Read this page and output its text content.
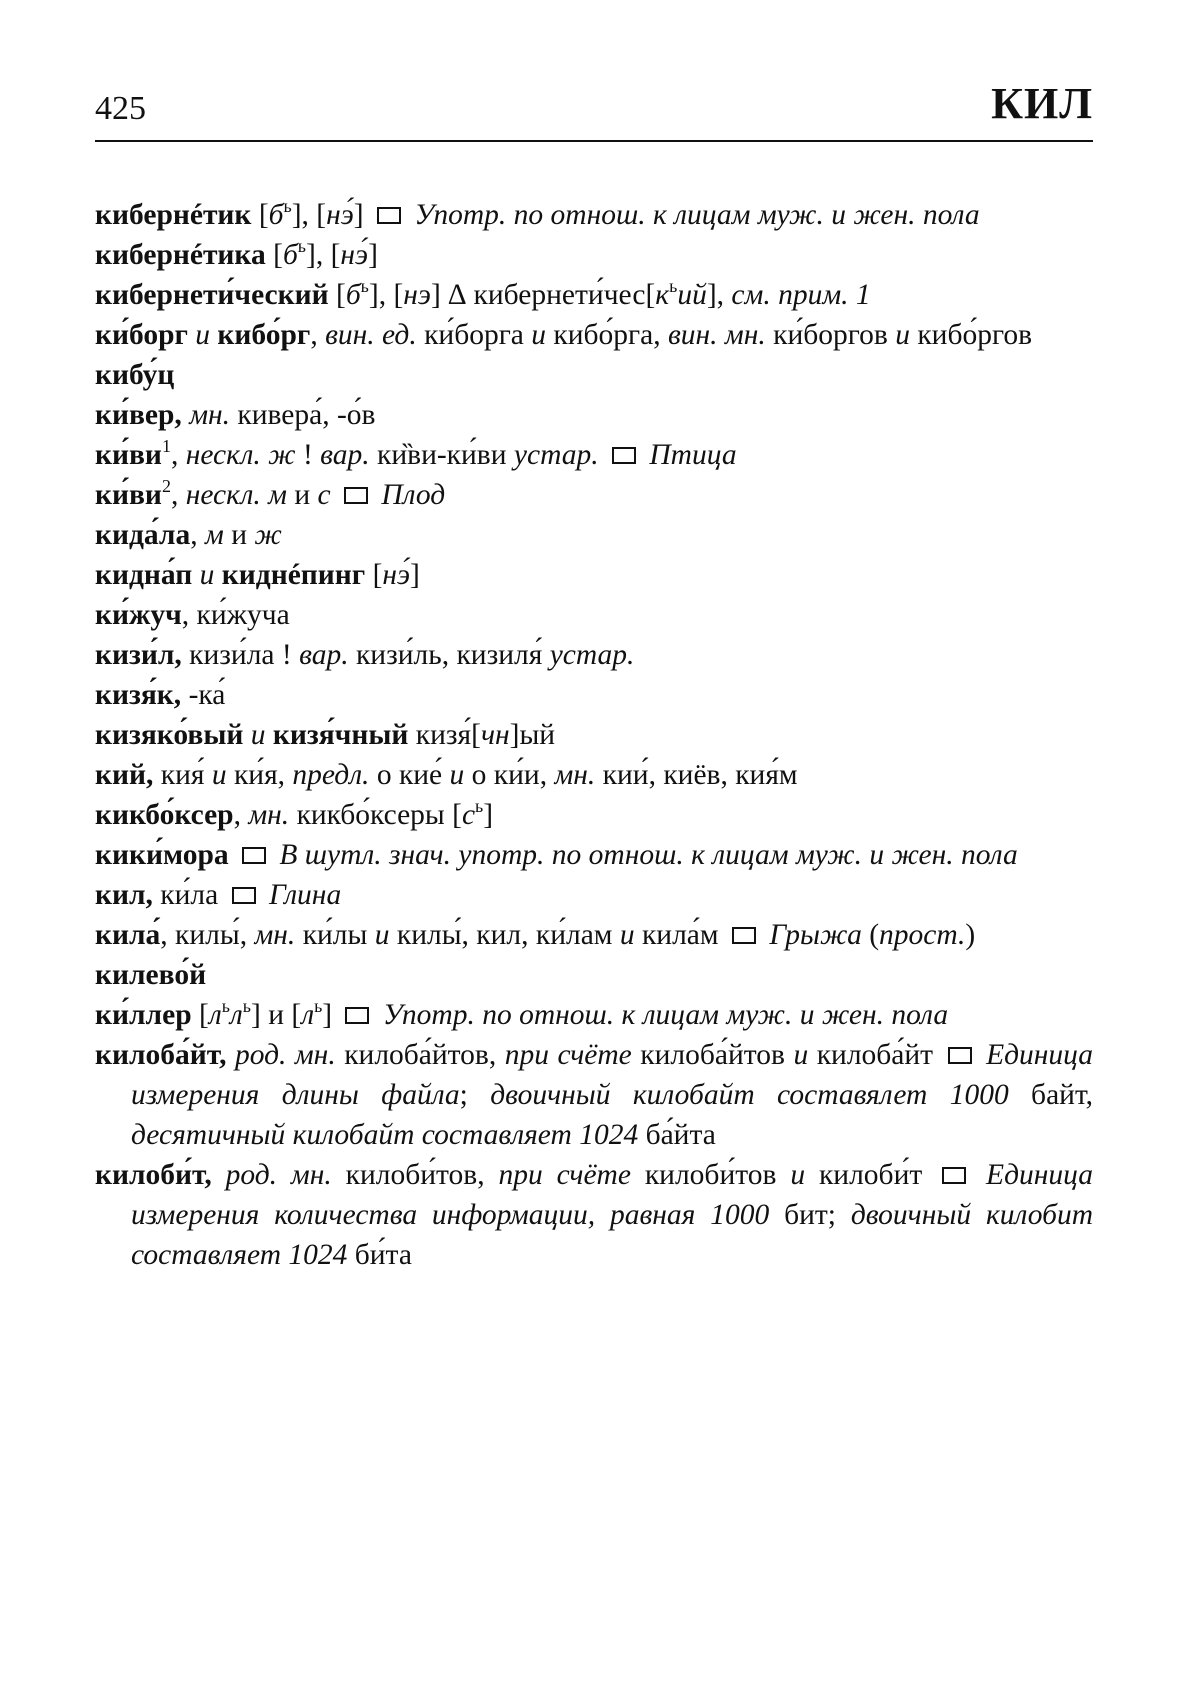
425	КИЛ
кибернéтик $[б^ь]$, [нэ́]  Употр. по отнош. к лицам муж. и жен. пола
кибернéтика $[б^ь]$, [нэ́]
кибернети́ческий $[б^ь]$, [нэ] ∆ $кибернети́чес[к^ьий]$, см. прим. 1
ки́борг и кибо́рг, вин. ед. ки́борга и кибо́рга, вин. мн. ки́боргов и кибо́ргов
кибу́ц
ки́вер, мн. кивера́, -о́в
$ки́ви^1$, нескл. ж ! вар. ки̏ви-ки́ви устар.  Птица
$ки́ви^2$, нескл. м и с  Плод
кида́ла, м и ж
кидна́п и киднéпинг [нэ́]
ки́жуч, ки́жуча
кизи́л, кизи́ла ! вар. кизи́ль, кизиля́ устар.
кизя́к, -ка́
кизяко́вый и кизя́чный кизя́[чн]ый
кий, кия́ и ки́я, предл. о кие́ и о ки́и, мн. кии́, киёв, кия́м
кикбо́ксер, мн. кикбо́ксеры $[с^ь]$
кики́мора  В шутл. знач. употр. по отнош. к лицам муж. и жен. пола
кил, ки́ла  Глина
кила́, килы́, мн. ки́лы и килы́, кил, ки́лам и кила́м  Грыжа (прост.)
килево́й
ки́ллер $[л^ьл^ь]$ и $[л^ь]$  Употр. по отнош. к лицам муж. и жен. пола
килоба́йт, род. мн. килоба́йтов, при счёте килоба́йтов и килоба́йт  Единица измерения длины файла; двоичный килобайт составялет 1000 байт, десятичный килобайт составляет 1024 ба́йта
килоби́т, род. мн. килоби́тов, при счёте килоби́тов и килоби́т  Единица измерения количества информации, равная 1000 бит; двоичный килобит составляет 1024 би́та
